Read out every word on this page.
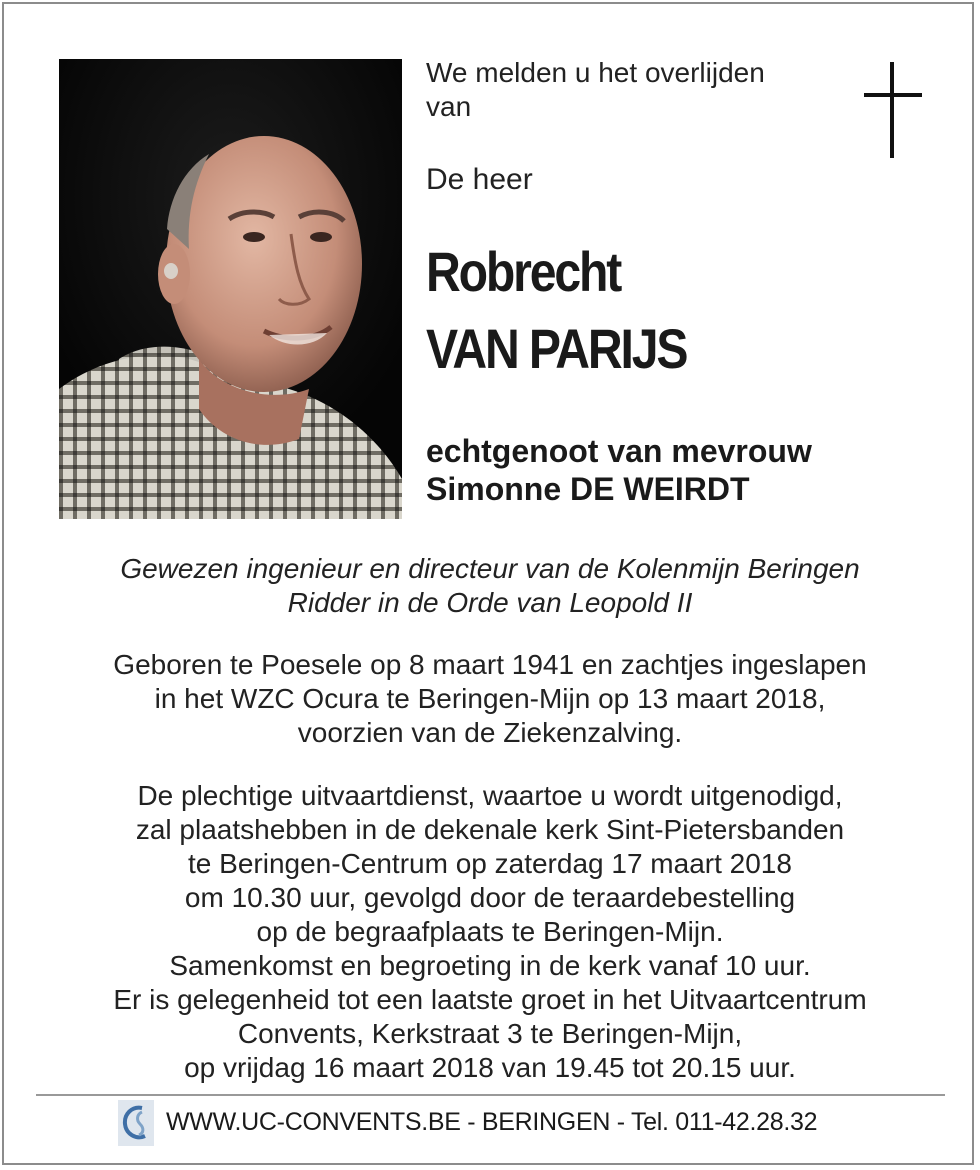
We melden u het overlijden
van
De heer
Robrecht
VAN PARIJS
echtgenoot van mevrouw
Simonne DE WEIRDT
Gewezen ingenieur en directeur van de Kolenmijn Beringen
Ridder in de Orde van Leopold II
Geboren te Poesele op 8 maart 1941 en zachtjes ingeslapen
in het WZC Ocura te Beringen-Mijn op 13 maart 2018,
voorzien van de Ziekenzalving.
De plechtige uitvaartdienst, waartoe u wordt uitgenodigd,
zal plaatshebben in de dekenale kerk Sint-Pietersbanden
te Beringen-Centrum op zaterdag 17 maart 2018
om 10.30 uur, gevolgd door de teraardebestelling
op de begraafplaats te Beringen-Mijn.
Samenkomst en begroeting in de kerk vanaf 10 uur.
Er is gelegenheid tot een laatste groet in het Uitvaartcentrum
Convents, Kerkstraat 3 te Beringen-Mijn,
op vrijdag 16 maart 2018 van 19.45 tot 20.15 uur.
WWW.UC-CONVENTS.BE - BERINGEN - Tel. 011-42.28.32
